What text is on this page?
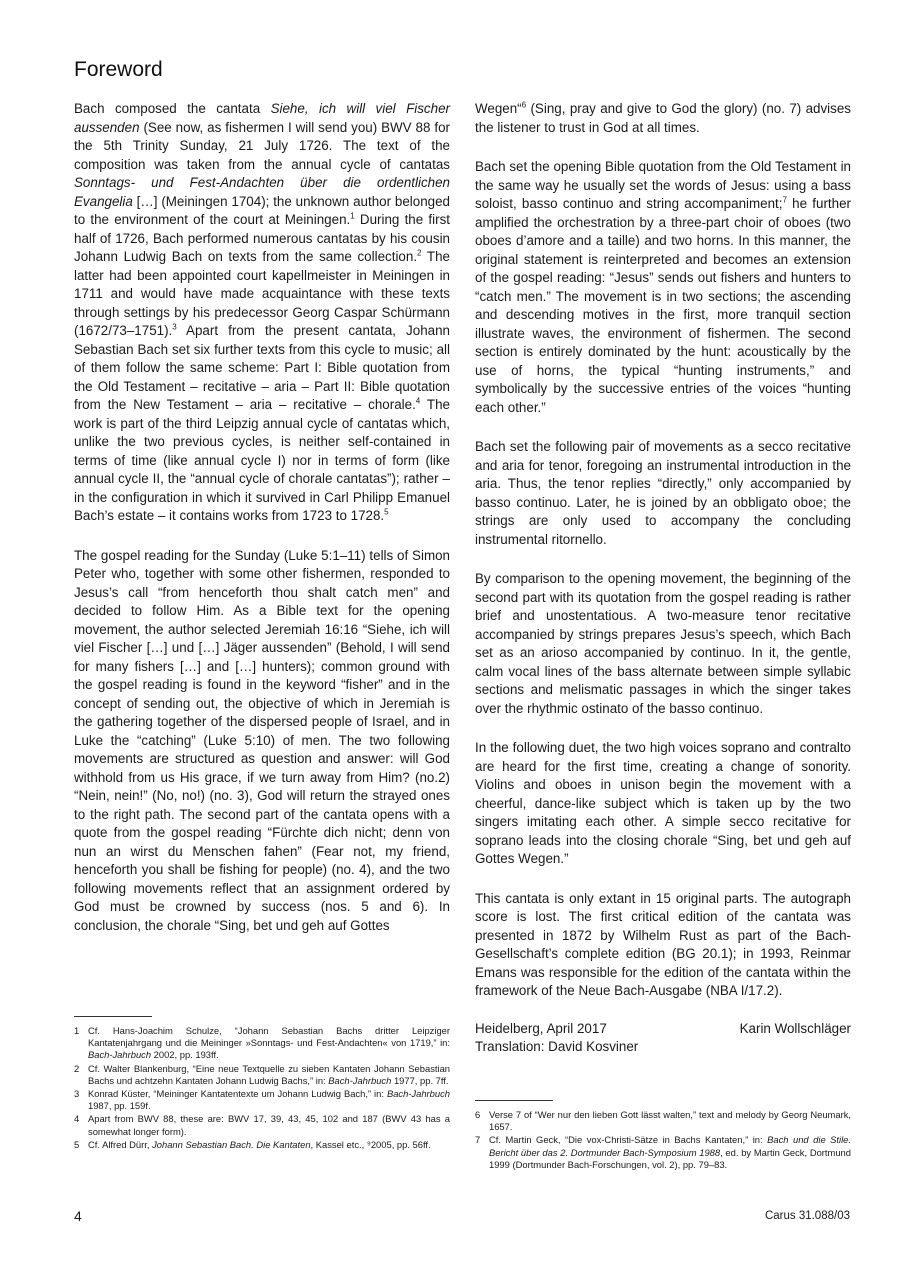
Foreword

Bach composed the cantata Siehe, ich will viel Fischer aussenden (See now, as fishermen I will send you) BWV 88 for the 5th Trinity Sunday, 21 July 1726. The text of the composition was taken from the annual cycle of cantatas Sonntags- und Fest-Andachten über die ordentlichen Evangelia […] (Meiningen 1704); the unknown author belonged to the environment of the court at Meiningen.$^1$ During the first half of 1726, Bach performed numerous cantatas by his cousin Johann Ludwig Bach on texts from the same collection.$^2$ The latter had been appointed court kapellmeister in Meiningen in 1711 and would have made acquaintance with these texts through settings by his predecessor Georg Caspar Schürmann (1672/73–1751).$^3$ Apart from the present cantata, Johann Sebastian Bach set six further texts from this cycle to music; all of them follow the same scheme: Part I: Bible quotation from the Old Testament – recitative – aria – Part II: Bible quotation from the New Testament – aria – recitative – chorale.$^4$ The work is part of the third Leipzig annual cycle of cantatas which, unlike the two previous cycles, is neither self-contained in terms of time (like annual cycle I) nor in terms of form (like annual cycle II, the “annual cycle of chorale cantatas”); rather – in the configuration in which it survived in Carl Philipp Emanuel Bach’s estate – it contains works from 1723 to 1728.$^5$

The gospel reading for the Sunday (Luke 5:1–11) tells of Simon Peter who, together with some other fishermen, responded to Jesus’s call “from henceforth thou shalt catch men” and decided to follow Him. As a Bible text for the opening movement, the author selected Jeremiah 16:16 “Siehe, ich will viel Fischer […] und […] Jäger aussenden” (Behold, I will send for many fishers […] and […] hunters); common ground with the gospel reading is found in the keyword “fisher” and in the concept of sending out, the objective of which in Jeremiah is the gathering together of the dispersed people of Israel, and in Luke the “catching” (Luke 5:10) of men. The two following movements are structured as question and answer: will God withhold from us His grace, if we turn away from Him? (no.2) “Nein, nein!” (No, no!) (no. 3), God will return the strayed ones to the right path. The second part of the cantata opens with a quote from the gospel reading “Fürchte dich nicht; denn von nun an wirst du Menschen fahen” (Fear not, my friend, henceforth you shall be fishing for people) (no. 4), and the two following movements reflect that an assignment ordered by God must be crowned by success (nos. 5 and 6). In conclusion, the chorale “Sing, bet und geh auf Gottes

Wegen“$^6$ (Sing, pray and give to God the glory) (no. 7) advises the listener to trust in God at all times.

Bach set the opening Bible quotation from the Old Testament in the same way he usually set the words of Jesus: using a bass soloist, basso continuo and string accompaniment;$^7$ he further amplified the orchestration by a three-part choir of oboes (two oboes d’amore and a taille) and two horns. In this manner, the original statement is reinterpreted and becomes an extension of the gospel reading: “Jesus” sends out fishers and hunters to “catch men.” The movement is in two sections; the ascending and descending motives in the first, more tranquil section illustrate waves, the environment of fishermen. The second section is entirely dominated by the hunt: acoustically by the use of horns, the typical “hunting instruments,” and symbolically by the successive entries of the voices “hunting each other.”

Bach set the following pair of movements as a secco recitative and aria for tenor, foregoing an instrumental introduction in the aria. Thus, the tenor replies “directly,” only accompanied by basso continuo. Later, he is joined by an obbligato oboe; the strings are only used to accompany the concluding instrumental ritornello.

By comparison to the opening movement, the beginning of the second part with its quotation from the gospel reading is rather brief and unostentatious. A two-measure tenor recitative accompanied by strings prepares Jesus’s speech, which Bach set as an arioso accompanied by continuo. In it, the gentle, calm vocal lines of the bass alternate between simple syllabic sections and melismatic passages in which the singer takes over the rhythmic ostinato of the basso continuo.

In the following duet, the two high voices soprano and contralto are heard for the first time, creating a change of sonority. Violins and oboes in unison begin the movement with a cheerful, dance-like subject which is taken up by the two singers imitating each other. A simple secco recitative for soprano leads into the closing chorale “Sing, bet und geh auf Gottes Wegen.”

This cantata is only extant in 15 original parts. The autograph score is lost. The first critical edition of the cantata was presented in 1872 by Wilhelm Rust as part of the Bach-Gesellschaft’s complete edition (BG 20.1); in 1993, Reinmar Emans was responsible for the edition of the cantata within the framework of the Neue Bach-Ausgabe (NBA I/17.2).

Heidelberg, April 2017	Karin Wollschläger
Translation: David Kosviner
1 Cf. Hans-Joachim Schulze, “Johann Sebastian Bachs dritter Leipziger Kantatenjahrgang und die Meininger »Sonntags- und Fest-Andachten« von 1719,” in: Bach-Jahrbuch 2002, pp. 193ff.
2 Cf. Walter Blankenburg, “Eine neue Textquelle zu sieben Kantaten Johann Sebastian Bachs und achtzehn Kantaten Johann Ludwig Bachs,” in: Bach-Jahrbuch 1977, pp. 7ff.
3 Konrad Küster, “Meininger Kantatentexte um Johann Ludwig Bach,” in: Bach-Jahrbuch 1987, pp. 159f.
4 Apart from BWV 88, these are: BWV 17, 39, 43, 45, 102 and 187 (BWV 43 has a somewhat longer form).
5 Cf. Alfred Dürr, Johann Sebastian Bach. Die Kantaten, Kassel etc., ⁹2005, pp. 56ff.
6 Verse 7 of “Wer nur den lieben Gott lässt walten,” text and melody by Georg Neumark, 1657.
7 Cf. Martin Geck, “Die vox-Christi-Sätze in Bachs Kantaten,” in: Bach und die Stile. Bericht über das 2. Dortmunder Bach-Symposium 1988, ed. by Martin Geck, Dortmund 1999 (Dortmunder Bach-Forschungen, vol. 2), pp. 79–83.
4	Carus 31.088/03
